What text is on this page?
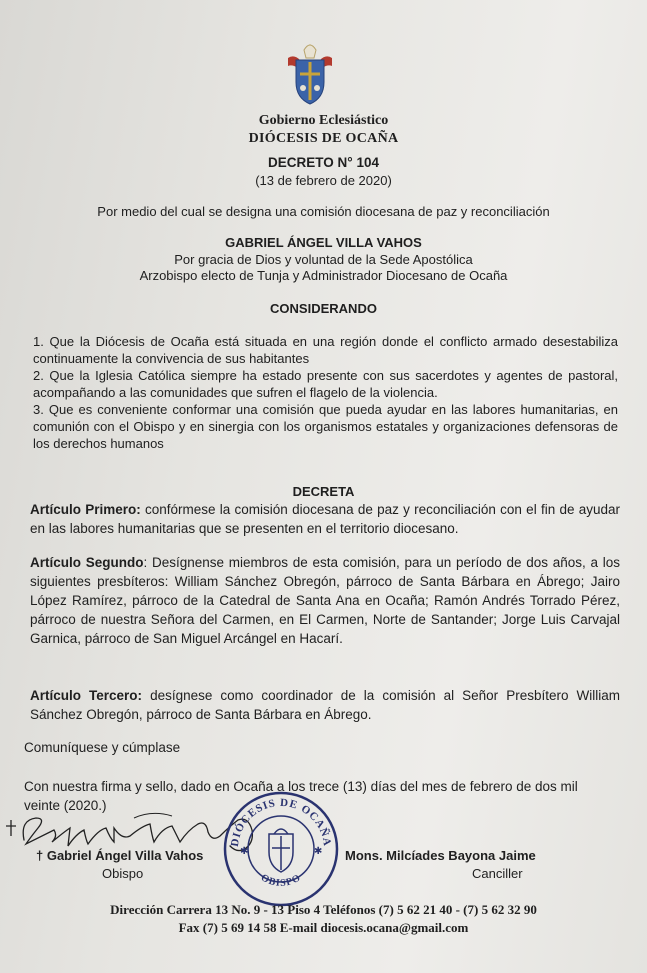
Gobierno Eclesiástico
DIÓCESIS DE OCAÑA
DECRETO N° 104
(13 de febrero de 2020)
Por medio del cual se designa una comisión diocesana de paz y reconciliación
GABRIEL ÁNGEL VILLA VAHOS
Por gracia de Dios y voluntad de la Sede Apostólica
Arzobispo electo de Tunja y Administrador Diocesano de Ocaña
CONSIDERANDO

1. Que la Diócesis de Ocaña está situada en una región donde el conflicto armado desestabiliza continuamente la convivencia de sus habitantes

2. Que la Iglesia Católica siempre ha estado presente con sus sacerdotes y agentes de pastoral, acompañando a las comunidades que sufren el flagelo de la violencia.

3. Que es conveniente conformar una comisión que pueda ayudar en las labores humanitarias, en comunión con el Obispo y en sinergia con los organismos estatales y organizaciones defensoras de los derechos humanos

DECRETA

Artículo Primero: confórmese la comisión diocesana de paz y reconciliación con el fin de ayudar en las labores humanitarias que se presenten en el territorio diocesano.

Artículo Segundo: Desígnense miembros de esta comisión, para un período de dos años, a los siguientes presbíteros: William Sánchez Obregón, párroco de Santa Bárbara en Ábrego; Jairo López Ramírez, párroco de la Catedral de Santa Ana en Ocaña; Ramón Andrés Torrado Pérez, párroco de nuestra Señora del Carmen, en El Carmen, Norte de Santander; Jorge Luis Carvajal Garnica, párroco de San Miguel Arcángel en Hacarí.

Artículo Tercero: desígnese como coordinador de la comisión al Señor Presbítero William Sánchez Obregón, párroco de Santa Bárbara en Ábrego.

Comuníquese y cúmplase
Con nuestra firma y sello, dado en Ocaña a los trece (13) días del mes de febrero de dos mil veinte (2020.)
DIÓCESIS DE OCAÑA
OBISPO
✱	✱
† Gabriel Ángel Villa Vahos
Obispo
Mons. Milcíades Bayona Jaime
Canciller
Dirección Carrera 13 No. 9 - 13 Piso 4 Teléfonos (7) 5 62 21 40 - (7) 5 62 32 90
Fax (7) 5 69 14 58 E-mail diocesis.ocana@gmail.com
